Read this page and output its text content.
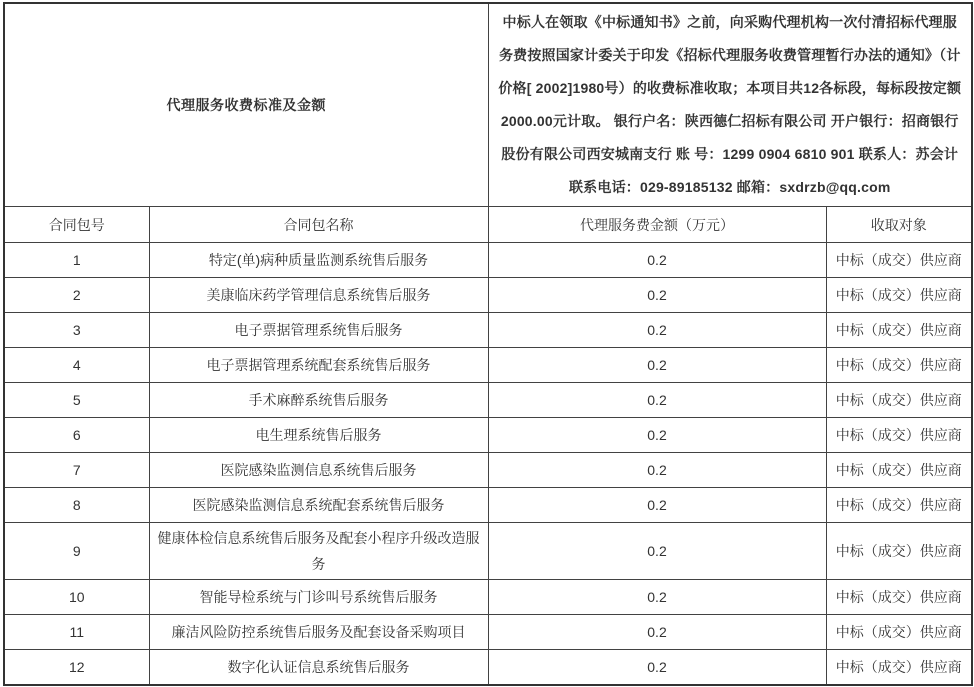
代理服务收费标准及金额		中标人在领取《中标通知书》之前，向采购代理机构一次付清招标代理服务费按照国家计委关于印发《招标代理服务收费管理暂行办法的通知》（计价格[ 2002]1980号）的收费标准收取；本项目共12各标段，每标段按定额2000.00元计取。 银行户名：陕西德仁招标有限公司 开户银行：招商银行股份有限公司西安城南支行 账 号：1299 0904 6810 901 联系人：苏会计 联系电话：029-89185132 邮箱：sxdrzb@qq.com	
合同包号	合同包名称	代理服务费金额（万元）	收取对象
1	特定(单)病种质量监测系统售后服务	0.2	中标（成交）供应商
2	美康临床药学管理信息系统售后服务	0.2	中标（成交）供应商
3	电子票据管理系统售后服务	0.2	中标（成交）供应商
4	电子票据管理系统配套系统售后服务	0.2	中标（成交）供应商
5	手术麻醉系统售后服务	0.2	中标（成交）供应商
6	电生理系统售后服务	0.2	中标（成交）供应商
7	医院感染监测信息系统售后服务	0.2	中标（成交）供应商
8	医院感染监测信息系统配套系统售后服务	0.2	中标（成交）供应商
9	健康体检信息系统售后服务及配套小程序升级改造服务	0.2	中标（成交）供应商
10	智能导检系统与门诊叫号系统售后服务	0.2	中标（成交）供应商
11	廉洁风险防控系统售后服务及配套设备采购项目	0.2	中标（成交）供应商
12	数字化认证信息系统售后服务	0.2	中标（成交）供应商
